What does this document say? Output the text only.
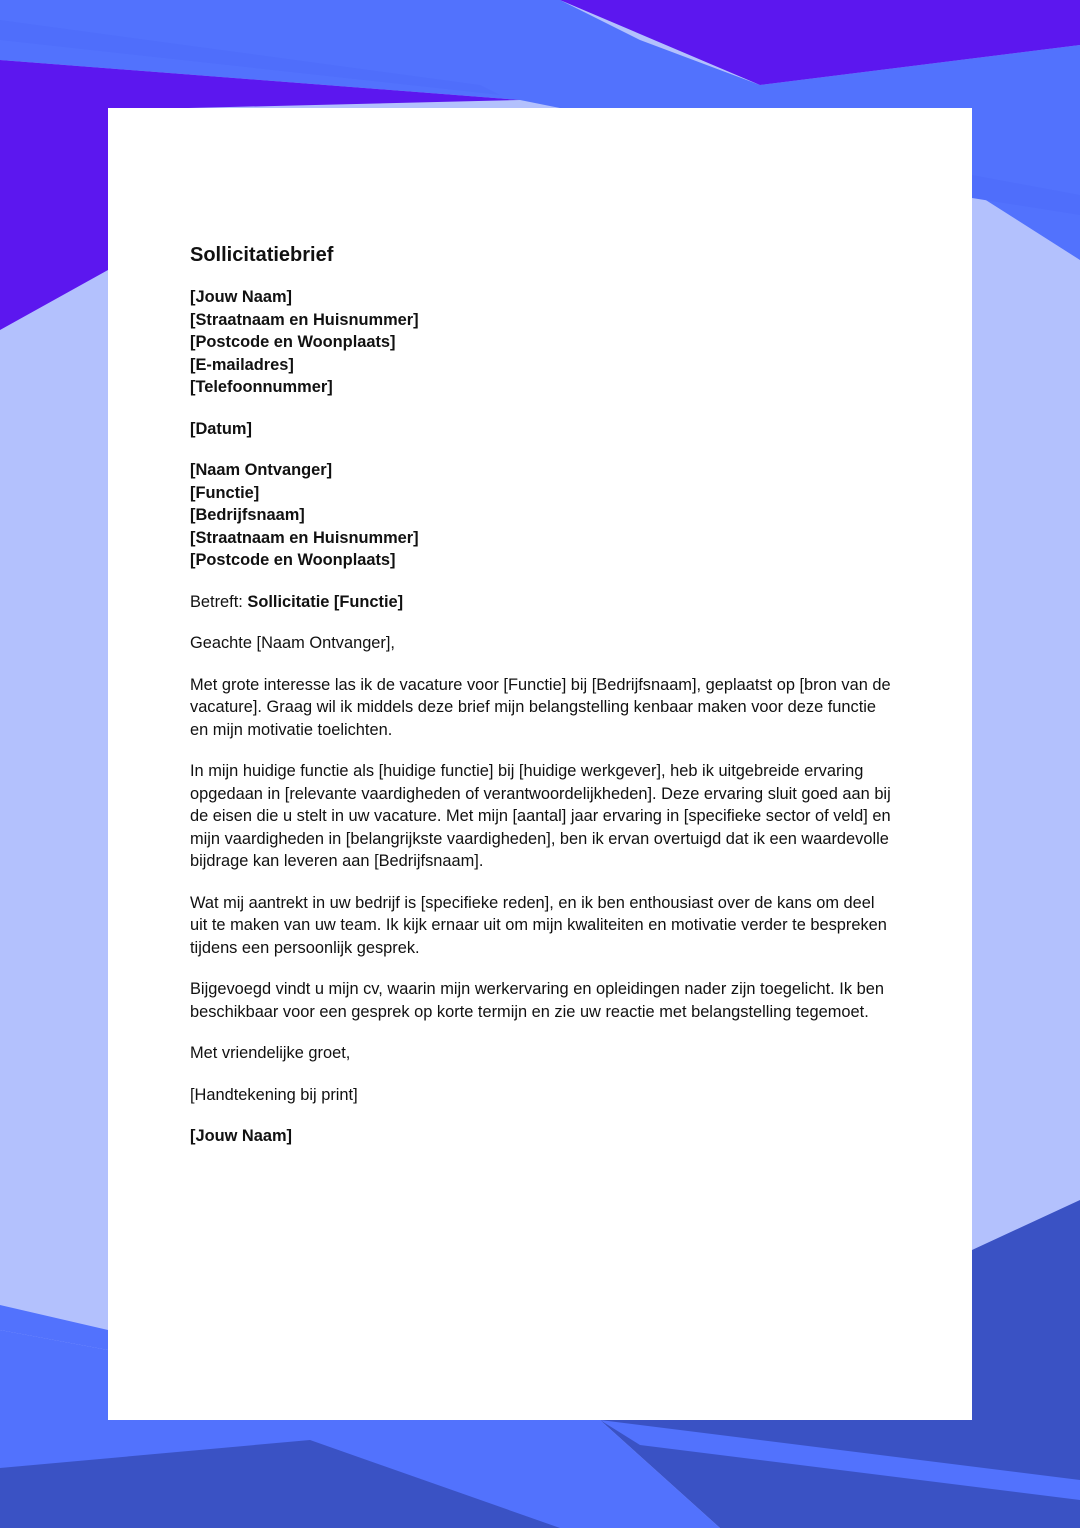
Sollicitatiebrief
[Jouw Naam]
[Straatnaam en Huisnummer]
[Postcode en Woonplaats]
[E-mailadres]
[Telefoonnummer]
[Datum]
[Naam Ontvanger]
[Functie]
[Bedrijfsnaam]
[Straatnaam en Huisnummer]
[Postcode en Woonplaats]
Betreft: Sollicitatie [Functie]
Geachte [Naam Ontvanger],

Met grote interesse las ik de vacature voor [Functie] bij [Bedrijfsnaam], geplaatst op [bron van de vacature]. Graag wil ik middels deze brief mijn belangstelling kenbaar maken voor deze functie en mijn motivatie toelichten.

In mijn huidige functie als [huidige functie] bij [huidige werkgever], heb ik uitgebreide ervaring opgedaan in [relevante vaardigheden of verantwoordelijkheden]. Deze ervaring sluit goed aan bij de eisen die u stelt in uw vacature. Met mijn [aantal] jaar ervaring in [specifieke sector of veld] en mijn vaardigheden in [belangrijkste vaardigheden], ben ik ervan overtuigd dat ik een waardevolle bijdrage kan leveren aan [Bedrijfsnaam].

Wat mij aantrekt in uw bedrijf is [specifieke reden], en ik ben enthousiast over de kans om deel uit te maken van uw team. Ik kijk ernaar uit om mijn kwaliteiten en motivatie verder te bespreken tijdens een persoonlijk gesprek.

Bijgevoegd vindt u mijn cv, waarin mijn werkervaring en opleidingen nader zijn toegelicht. Ik ben beschikbaar voor een gesprek op korte termijn en zie uw reactie met belangstelling tegemoet.

Met vriendelijke groet,
[Handtekening bij print]
[Jouw Naam]
